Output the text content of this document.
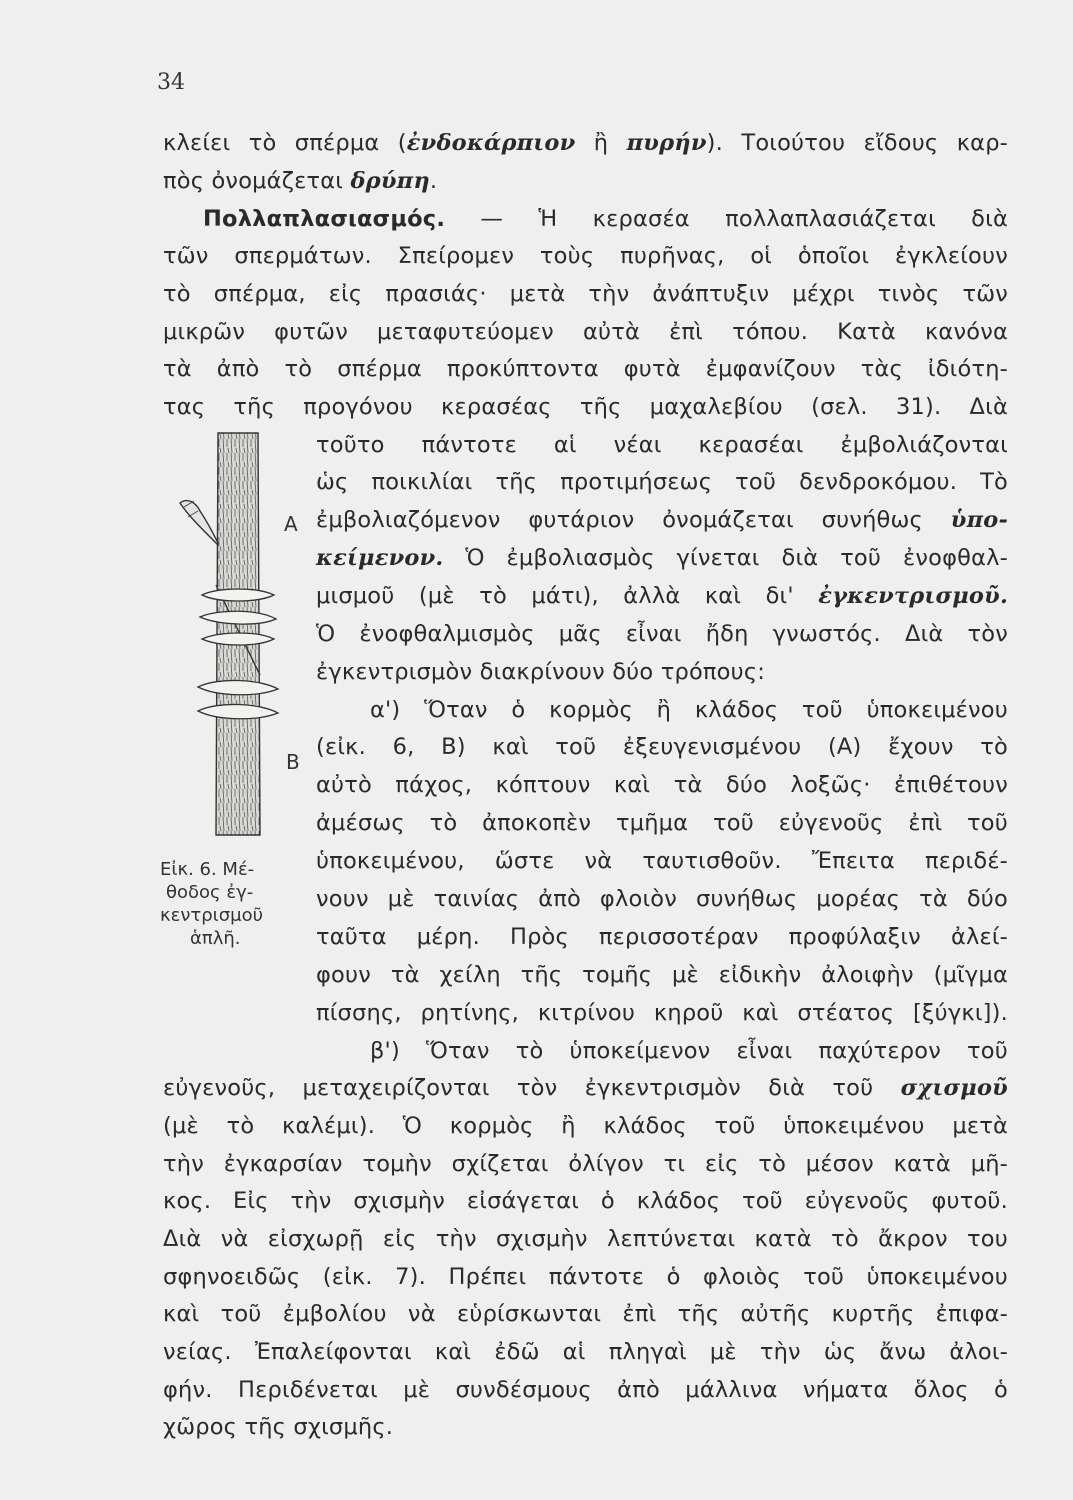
34
κλείει τὸ σπέρμα (ἐνδοκάρπιον ἢ πυρήν). Τοιούτου εἴδους καρ-
πὸς ὀνομάζεται δρύπη.
Πολλαπλασιασμός. — Ἡ κερασέα πολλαπλασιάζεται διὰ
τῶν σπερμάτων. Σπείρομεν τοὺς πυρῆνας, οἱ ὁποῖοι ἐγκλείουν
τὸ σπέρμα, εἰς πρασιάς· μετὰ τὴν ἀνάπτυξιν μέχρι τινὸς τῶν
μικρῶν φυτῶν μεταφυτεύομεν αὐτὰ ἐπὶ τόπου. Κατὰ κανόνα
τὰ ἀπὸ τὸ σπέρμα προκύπτοντα φυτὰ ἐμφανίζουν τὰς ἰδιότη-
τας τῆς προγόνου κερασέας τῆς μαχαλεβίου (σελ. 31). Διὰ
τοῦτο πάντοτε αἱ νέαι κερασέαι ἐμβολιάζονται
ὡς ποικιλίαι τῆς προτιμήσεως τοῦ δενδροκόμου. Τὸ
ἐμβολιαζόμενον φυτάριον ὀνομάζεται συνήθως ὑπο-
κείμενον. Ὁ ἐμβολιασμὸς γίνεται διὰ τοῦ ἐνοφθαλ-
μισμοῦ (μὲ τὸ μάτι), ἀλλὰ καὶ δι' ἐγκεντρισμοῦ.
Ὁ ἐνοφθαλμισμὸς μᾶς εἶναι ἤδη γνωστός. Διὰ τὸν
ἐγκεντρισμὸν διακρίνουν δύο τρόπους:
α') Ὅταν ὁ κορμὸς ἢ κλάδος τοῦ ὑποκειμένου
(εἰκ. 6, Β) καὶ τοῦ ἐξευγενισμένου (Α) ἔχουν τὸ
αὐτὸ πάχος, κόπτουν καὶ τὰ δύο λοξῶς· ἐπιθέτουν
ἀμέσως τὸ ἀποκοπὲν τμῆμα τοῦ εὐγενοῦς ἐπὶ τοῦ
ὑποκειμένου, ὥστε νὰ ταυτισθοῦν. Ἔπειτα περιδέ-
νουν μὲ ταινίας ἀπὸ φλοιὸν συνήθως μορέας τὰ δύο
ταῦτα μέρη. Πρὸς περισσοτέραν προφύλαξιν ἀλεί-
φουν τὰ χείλη τῆς τομῆς μὲ εἰδικὴν ἀλοιφὴν (μῖγμα
πίσσης, ρητίνης, κιτρίνου κηροῦ καὶ στέατος [ξύγκι]).
β') Ὅταν τὸ ὑποκείμενον εἶναι παχύτερον τοῦ
εὐγενοῦς, μεταχειρίζονται τὸν ἐγκεντρισμὸν διὰ τοῦ σχισμοῦ
(μὲ τὸ καλέμι). Ὁ κορμὸς ἢ κλάδος τοῦ ὑποκειμένου μετὰ
τὴν ἐγκαρσίαν τομὴν σχίζεται ὀλίγον τι εἰς τὸ μέσον κατὰ μῆ-
κος. Εἰς τὴν σχισμὴν εἰσάγεται ὁ κλάδος τοῦ εὐγενοῦς φυτοῦ.
Διὰ νὰ εἰσχωρῇ εἰς τὴν σχισμὴν λεπτύνεται κατὰ τὸ ἄκρον του
σφηνοειδῶς (εἰκ. 7). Πρέπει πάντοτε ὁ φλοιὸς τοῦ ὑποκειμένου
καὶ τοῦ ἐμβολίου νὰ εὑρίσκωνται ἐπὶ τῆς αὐτῆς κυρτῆς ἐπιφα-
νείας. Ἐπαλείφονται καὶ ἐδῶ αἱ πληγαὶ μὲ τὴν ὡς ἄνω ἀλοι-
φήν. Περιδένεται μὲ συνδέσμους ἀπὸ μάλλινα νήματα ὅλος ὁ
χῶρος τῆς σχισμῆς.
Α
Β
Εἰκ. 6. Μέ-
θοδος ἐγ-
κεντρισμοῦ
ἁπλῆ.
